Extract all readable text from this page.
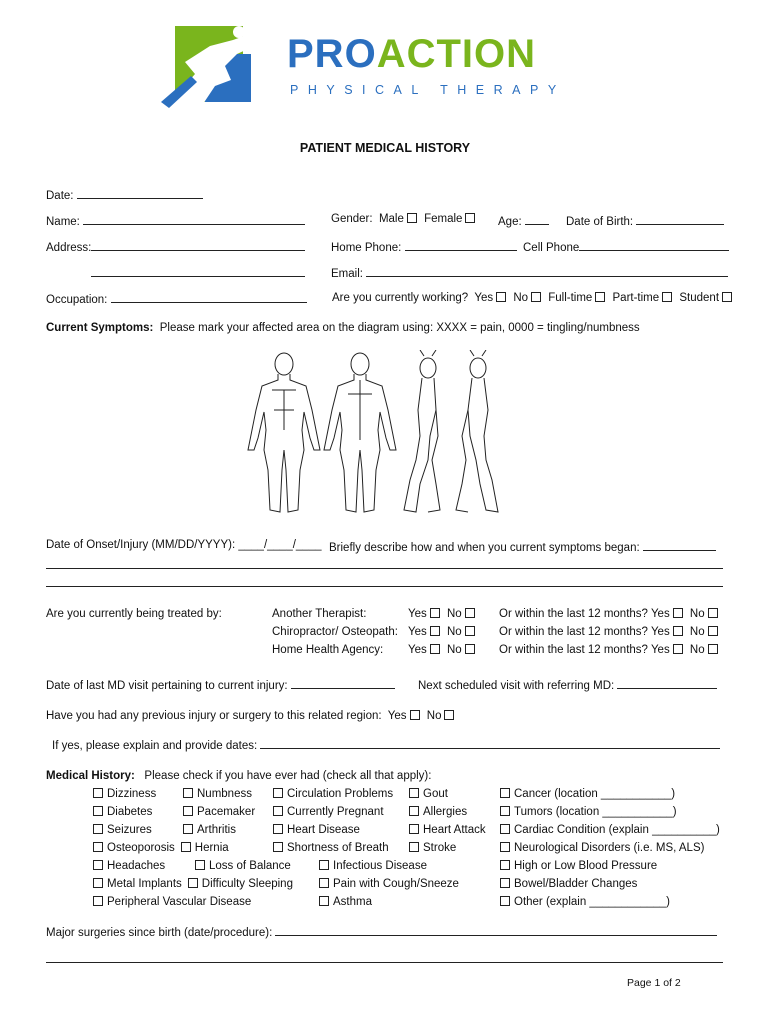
PROACTION
PHYSICAL THERAPY
PATIENT MEDICAL HISTORY
Date:
Name:	Gender: Male Female	Age:	Date of Birth:
Address:	Home Phone:	Cell Phone
Email:
Occupation:	Are you currently working? Yes No Full-time Part-time Student
Current Symptoms: Please mark your affected area on the diagram using: XXXX = pain, 0000 = tingling/numbness
Date of Onset/Injury (MM/DD/YYYY): ____/____/____ Briefly describe how and when you current symptoms began:
Are you currently being treated by:	Another Therapist:	Yes No	Or within the last 12 months? Yes No
Chiropractor/ Osteopath: Yes No	Or within the last 12 months? Yes No
Home Health Agency: Yes No	Or within the last 12 months? Yes No
Date of last MD visit pertaining to current injury:	Next scheduled visit with referring MD:
Have you had any previous injury or surgery to this related region: Yes No
If yes, please explain and provide dates:
Medical History: Please check if you have ever had (check all that apply):
Dizziness	Numbness	Circulation Problems	Gout	Cancer (location ___________)
Diabetes	Pacemaker	Currently Pregnant	Allergies	Tumors (location ___________)
Seizures	Arthritis	Heart Disease	Heart Attack	Cardiac Condition (explain __________)
Osteoporosis Hernia	Shortness of Breath	Stroke	Neurological Disorders (i.e. MS, ALS)
Headaches	Loss of Balance	Infectious Disease	High or Low Blood Pressure
Metal Implants Difficulty Sleeping	Pain with Cough/Sneeze	Bowel/Bladder Changes
Peripheral Vascular Disease	Asthma	Other (explain ____________)
Major surgeries since birth (date/procedure):
Page 1 of 2
